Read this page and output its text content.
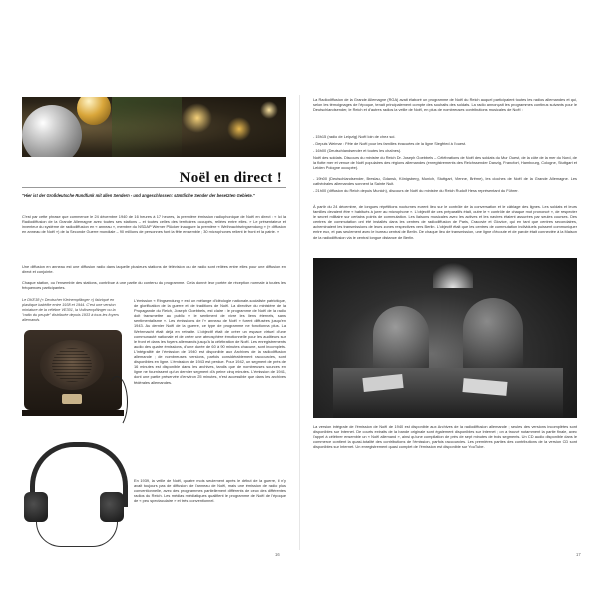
Noël en direct !
"Hier ist der Großdeutsche Rundfunk mit allen Sendern - und angeschlossen: sämtliche Sender der besetzten Gebiete."
C'est par cette phrase que commence le 24 décembre 1940 de 16 heures à 17 heures, la première émission radiophonique de Noël en direct : « Ici la Radiodiffusion de la Grande Allemagne avec toutes ses stations – et toutes celles des territoires occupés, reliées entre elles. » Le présentateur et inventeur du système de radiodiffusion en « anneau », membre du NSDAP Werner Plücker inaugure la première « Weihnachtsringsendung » (« diffusion en anneau de Noël ») de la Seconde Guerre mondiale – 90 millions de personnes font la fête ensemble ; 30 microphones relient le front et la patrie. »
Une diffusion en anneau est une diffusion radio dans laquelle plusieurs stations de télévision ou de radio sont reliées entre elles pour une diffusion en direct et conjointe.
Chaque station, ou l'ensemble des stations, contribue à une partie du contenu du programme. Cela donné leur portée de réception normale à toutes les fréquences participantes.
Le DKE38 (« Deutscher Kleinempfänger ») fabriqué en plastique bakélite entre 1938 et 1944. C'est une version miniature de la célèbre VE301, la Volksempfänger ou la "radio du peuple" distribuée depuis 1933 à tous les foyers allemands.
L'émission « Ringsendung » est un mélange d'idéologie nationale-socialiste patriotique, de glorification de la guerre et de traditions de Noël. La directive du ministère de la Propagande du Reich, Joseph Goebbels, est claire : le programme de Noël de la radio doit transmettre au public « le sentiment de vivre les liens éternels, sans sentimentalisme ». Les émissions de l'« anneau de Noël » furent diffusées jusqu'en 1943. Au dernier Noël de la guerre, ce type de programme ne fonctionna plus. La Wehrmacht était déjà en retraite. L'objectif était de créer un espace virtuel d'une communauté nationale et de créer une atmosphère émotionnelle pour les auditeurs sur le front et dans les foyers allemands jusqu'à la célébration de Noël. Les enregistrements audio des quatre émissions, d'une durée de 60 à 90 minutes chacune, sont incomplets. L'intégralité de l'émission de 1940 est disponible aux Archives de la radiodiffusion allemande ; de nombreuses versions, parfois considérablement raccourcies, sont disponibles en ligne. L'émission de 1943 est perdue. Pour 1942, un segment de près de 16 minutes est disponible dans les archives, tandis que de nombreuses sources en ligne ne fournissent qu'un dernier segment d'à peine cinq minutes. L'émission de 1941, dont une partie préservée d'environ 25 minutes, n'est accessible que dans les archives fédérales allemandes.
En 1939, la veille de Noël, quatre mois seulement après le début de la guerre, il n'y avait toujours pas de diffusion de l'anneau de Noël, mais une émission de radio plus conventionnelle, avec des programmes partiellement différents de ceux des différentes radios du Reich. Les médias médiatiques qualifient le programme de Noël de l'époque de « peu spectaculaire » et très conventionnel.
16
La Radiodiffusion de la Grande Allemagne (RGA) avait élaboré un programme de Noël du Reich auquel participaient toutes les radios allemandes et qui, selon les témoignages de l'époque, tenait principalement compte des souhaits des soldats. La radio annonçait les programmes continus suivants pour le Deutschlandsender, le Reich et d'autres radios la veille de Noël, en plus de nombreuses contributions musicales de Noël :
- 15h15 (radio de Leipzig) Noël loin de chez soi.
- Depuis Weimar : Fête de Noël pour les familles évacuées de la ligne Siegfried à l'ouest.
- 16h00 (Deutschlandsender et toutes les chaînes).
Noël des soldats. Discours du ministre du Reich Dr. Joseph Goebbels – Célébrations de Noël des soldats du Mur Ouest, de la côte de la mer du Nord, de la flotte mer et venue de Noël populaires des régions allemandes (enregistrements des Reichssender Danzig, Francfort, Hambourg, Cologne, Stuttgart et Leiden Pologne occupée).
- 19h00 (Deutschlandsender, Breslau, Gdansk, Königsberg, Munich, Stuttgart, Vienne, Brême), les cloches de Noël de la Grande Allemagne. Les cathédrales allemandes sonnent la Sainte Nuit.
- 21h00 (diffusion du Reich depuis Munich), discours de Noël du ministre du Reich Rudolf Hess représentant du Führer.
À partir du 24 décembre, de longues répétitions nocturnes eurent lieu sur le contrôle de la conversation et le câblage des lignes. Les soldats et leurs familles devaient être « habitués à jurer au microphone ». L'objectif de ces préparatifs était, outre le « contrôle de chaque mot prononcé », de respecter le secret militaire sur certains points de commutation. Les liaisons musicales avec les actives et les navires étaient assurées par seules courses. Des centres de commutation ont été installés dans les centres de radiodiffusion de Paris, Cracovie et Glovice, qui en tant que centres secondaires, acheminaient les transmissions de leurs zones respectives vers Berlin. L'objectif était que les centres de commutation individuels puissent communiquer entre eux, et pas seulement avec le bureau central de Berlin. De chaque lieu de transmission, une ligne d'écoute et de parole était connectée à la Maison de la radiodiffusion via le central longue distance de Berlin.
La version intégrale de l'émission de Noël de 1940 est disponible aux Archives de la radiodiffusion allemande ; seules des versions incomplètes sont disponibles sur Internet. De courts extraits de la bande originale sont également disponibles sur Internet ; on a trouvé notamment la partie finale, avec l'appel à célébrer ensemble un « Noël allemand », ainsi qu'une compilation de près de sept minutes de trois segments. Un CD audio disponible dans le commerce contient la quasi-totalité des contributions de l'émission, parfois raccourcies. Les premières parties des contributions de la version CD sont disponibles sur Internet. Un enregistrement quasi complet de l'émission est disponible sur YouTube.
17
